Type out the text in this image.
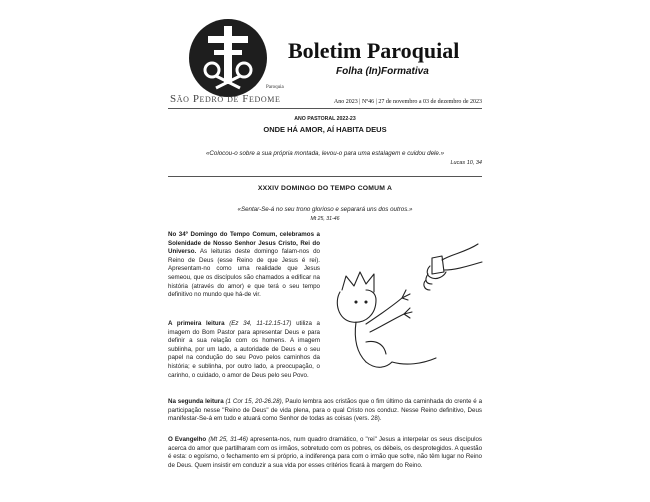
Paroquia
São Pedro de Fedome
Boletim Paroquial
Folha (In)Formativa
Ano 2023 | Nº46 | 27 de novembro a 03 de dezembro de 2023
ANO PASTORAL 2022-23
ONDE HÁ AMOR, AÍ HABITA DEUS
«Colocou-o sobre a sua própria montada, levou-o para uma estalagem e cuidou dele.»
Lucas 10, 34
XXXIV DOMINGO DO TEMPO COMUM A
«Sentar-Se-á no seu trono glorioso e separará uns dos outros.»
Mt 25, 31-46
No 34º Domingo do Tempo Comum, celebramos a Solenidade de Nosso Senhor Jesus Cristo, Rei do Universo. As leituras deste domingo falam-nos do Reino de Deus (esse Reino de que Jesus é rei). Apresentam-no como uma realidade que Jesus semeou, que os discípulos são chamados a edificar na história (através do amor) e que terá o seu tempo definitivo no mundo que há-de vir.
A primeira leitura (Ez 34, 11-12.15-17) utiliza a imagem do Bom Pastor para apresentar Deus e para definir a sua relação com os homens. A imagem sublinha, por um lado, a autoridade de Deus e o seu papel na condução do seu Povo pelos caminhos da história; e sublinha, por outro lado, a preocupação, o carinho, o cuidado, o amor de Deus pelo seu Povo.
Na segunda leitura (1 Cor 15, 20-26.28), Paulo lembra aos cristãos que o fim último da caminhada do crente é a participação nesse "Reino de Deus" de vida plena, para o qual Cristo nos conduz. Nesse Reino definitivo, Deus manifestar-Se-á em tudo e atuará como Senhor de todas as coisas (vers. 28).
O Evangelho (Mt 25, 31-46) apresenta-nos, num quadro dramático, o "rei" Jesus a interpelar os seus discípulos acerca do amor que partilharam com os irmãos, sobretudo com os pobres, os débeis, os desprotegidos. A questão é esta: o egoísmo, o fechamento em si próprio, a indiferença para com o irmão que sofre, não têm lugar no Reino de Deus. Quem insistir em conduzir a sua vida por esses critérios ficará à margem do Reino.
